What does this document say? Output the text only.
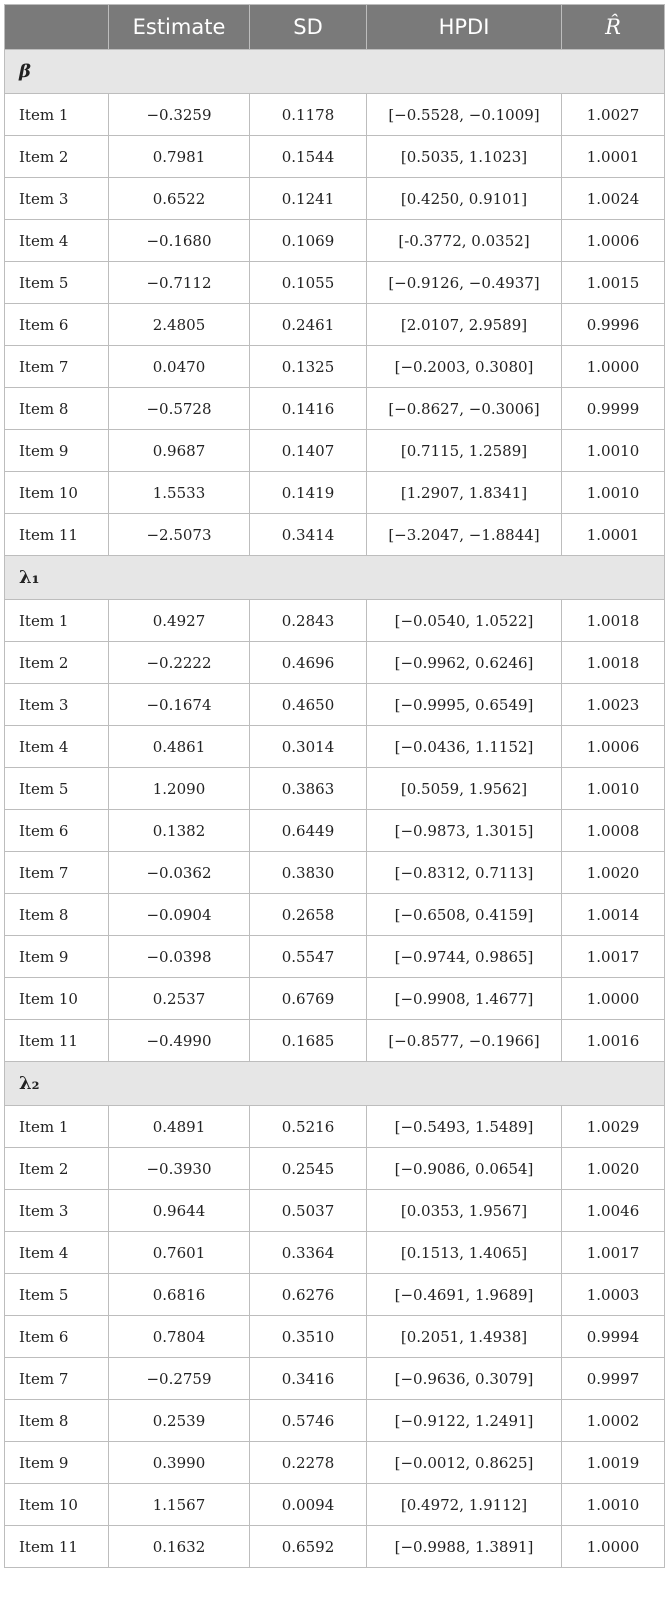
	Estimate	SD	HPDI	R̂
β				
Item 1	−0.3259	0.1178	[−0.5528, −0.1009]	1.0027
Item 2	0.7981	0.1544	[0.5035, 1.1023]	1.0001
Item 3	0.6522	0.1241	[0.4250, 0.9101]	1.0024
Item 4	−0.1680	0.1069	[-0.3772, 0.0352]	1.0006
Item 5	−0.7112	0.1055	[−0.9126, −0.4937]	1.0015
Item 6	2.4805	0.2461	[2.0107, 2.9589]	0.9996
Item 7	0.0470	0.1325	[−0.2003, 0.3080]	1.0000
Item 8	−0.5728	0.1416	[−0.8627, −0.3006]	0.9999
Item 9	0.9687	0.1407	[0.7115, 1.2589]	1.0010
Item 10	1.5533	0.1419	[1.2907, 1.8341]	1.0010
Item 11	−2.5073	0.3414	[−3.2047, −1.8844]	1.0001
λ₁				
Item 1	0.4927	0.2843	[−0.0540, 1.0522]	1.0018
Item 2	−0.2222	0.4696	[−0.9962, 0.6246]	1.0018
Item 3	−0.1674	0.4650	[−0.9995, 0.6549]	1.0023
Item 4	0.4861	0.3014	[−0.0436, 1.1152]	1.0006
Item 5	1.2090	0.3863	[0.5059, 1.9562]	1.0010
Item 6	0.1382	0.6449	[−0.9873, 1.3015]	1.0008
Item 7	−0.0362	0.3830	[−0.8312, 0.7113]	1.0020
Item 8	−0.0904	0.2658	[−0.6508, 0.4159]	1.0014
Item 9	−0.0398	0.5547	[−0.9744, 0.9865]	1.0017
Item 10	0.2537	0.6769	[−0.9908, 1.4677]	1.0000
Item 11	−0.4990	0.1685	[−0.8577, −0.1966]	1.0016
λ₂				
Item 1	0.4891	0.5216	[−0.5493, 1.5489]	1.0029
Item 2	−0.3930	0.2545	[−0.9086, 0.0654]	1.0020
Item 3	0.9644	0.5037	[0.0353, 1.9567]	1.0046
Item 4	0.7601	0.3364	[0.1513, 1.4065]	1.0017
Item 5	0.6816	0.6276	[−0.4691, 1.9689]	1.0003
Item 6	0.7804	0.3510	[0.2051, 1.4938]	0.9994
Item 7	−0.2759	0.3416	[−0.9636, 0.3079]	0.9997
Item 8	0.2539	0.5746	[−0.9122, 1.2491]	1.0002
Item 9	0.3990	0.2278	[−0.0012, 0.8625]	1.0019
Item 10	1.1567	0.0094	[0.4972, 1.9112]	1.0010
Item 11	0.1632	0.6592	[−0.9988, 1.3891]	1.0000
